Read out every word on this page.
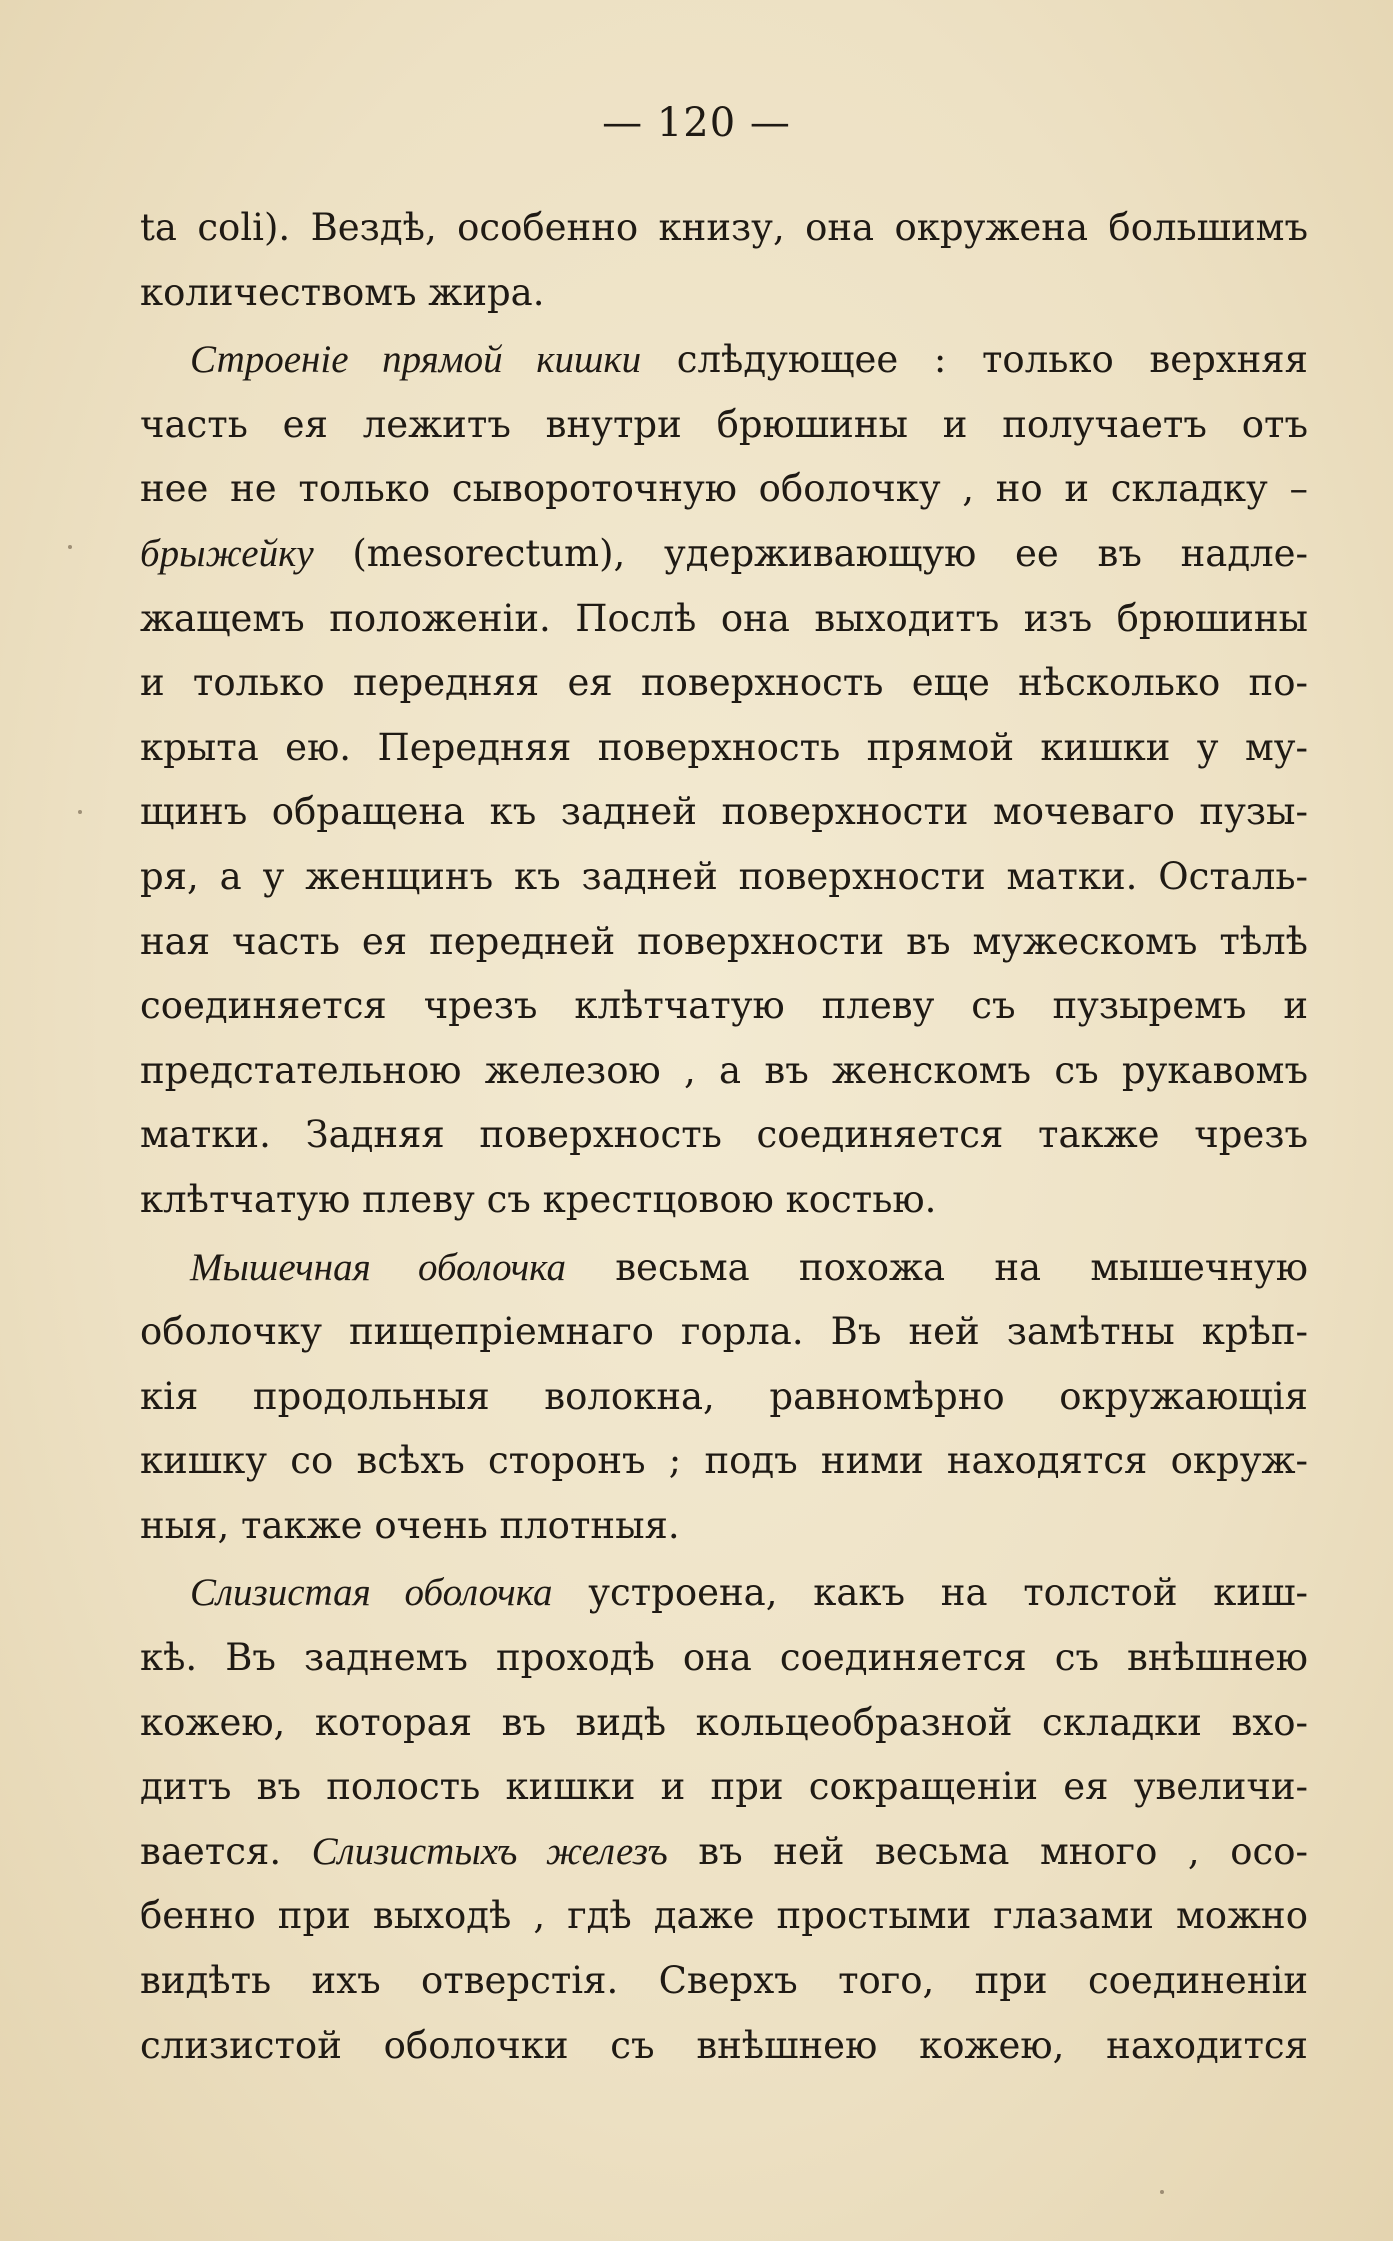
— 120 —
ta coli). Вездѣ, особенно книзу, она окружена большимъ
количествомъ жира.
Строеніе прямой кишки слѣдующее : только верхняя
часть ея лежитъ внутри брюшины и получаетъ отъ
нее не только сывороточную оболочку , но и складку –
брыжейку (mesorectum), удерживающую ее въ надле-
жащемъ положеніи. Послѣ она выходитъ изъ брюшины
и только передняя ея поверхность еще нѣсколько по-
крыта ею. Передняя поверхность прямой кишки у му-
щинъ обращена къ задней поверхности мочеваго пузы-
ря, а у женщинъ къ задней поверхности матки. Осталь-
ная часть ея передней поверхности въ мужескомъ тѣлѣ
соединяется чрезъ клѣтчатую плеву съ пузыремъ и
предстательною железою , а въ женскомъ съ рукавомъ
матки. Задняя поверхность соединяется также чрезъ
клѣтчатую плеву съ крестцовою костью.
Мышечная оболочка весьма похожа на мышечную
оболочку пищепріемнаго горла. Въ ней замѣтны крѣп-
кія продольныя волокна, равномѣрно окружающія
кишку со всѣхъ сторонъ ; подъ ними находятся окруж-
ныя, также очень плотныя.
Слизистая оболочка устроена, какъ на толстой киш-
кѣ. Въ заднемъ проходѣ она соединяется съ внѣшнею
кожею, которая въ видѣ кольцеобразной складки вхо-
дитъ въ полость кишки и при сокращеніи ея увеличи-
вается. Слизистыхъ железъ въ ней весьма много , осо-
бенно при выходѣ , гдѣ даже простыми глазами можно
видѣть ихъ отверстія. Сверхъ того, при соединеніи
слизистой оболочки съ внѣшнею кожею, находится
